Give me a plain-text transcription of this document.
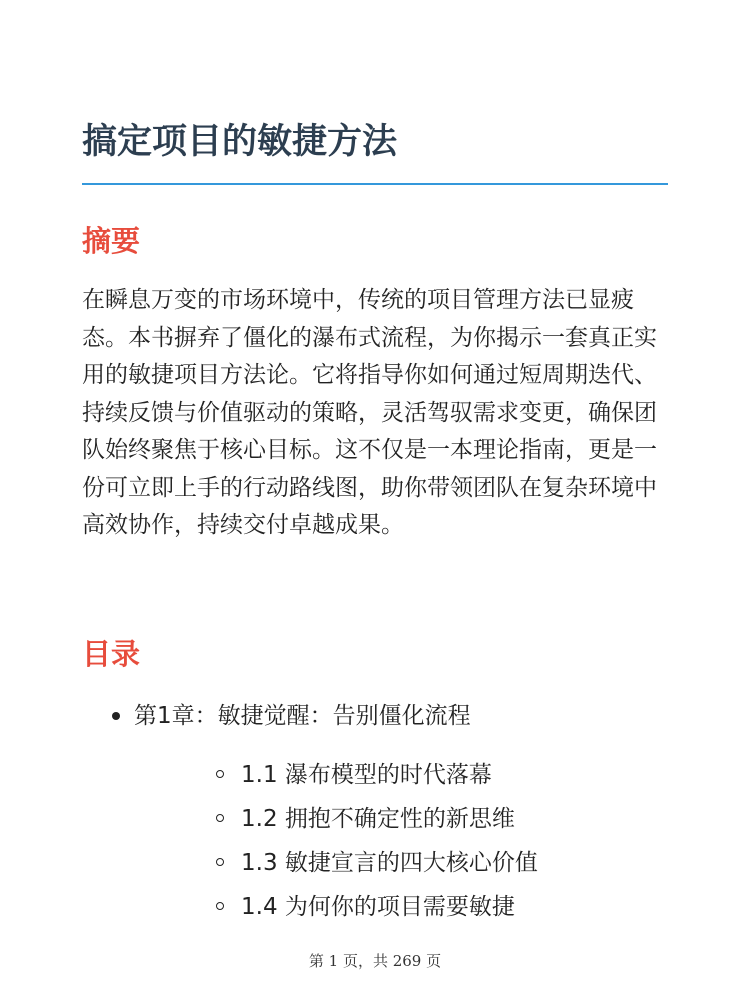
搞定项目的敏捷方法
摘要

在瞬息万变的市场环境中，传统的项目管理方法已显疲态。本书摒弃了僵化的瀑布式流程，为你揭示一套真正实用的敏捷项目方法论。它将指导你如何通过短周期迭代、持续反馈与价值驱动的策略，灵活驾驭需求变更，确保团队始终聚焦于核心目标。这不仅是一本理论指南，更是一份可立即上手的行动路线图，助你带领团队在复杂环境中高效协作，持续交付卓越成果。

目录
第1章：敏捷觉醒：告别僵化流程
1.1 瀑布模型的时代落幕
1.2 拥抱不确定性的新思维
1.3 敏捷宣言的四大核心价值
1.4 为何你的项目需要敏捷
第 1 页，共 269 页
